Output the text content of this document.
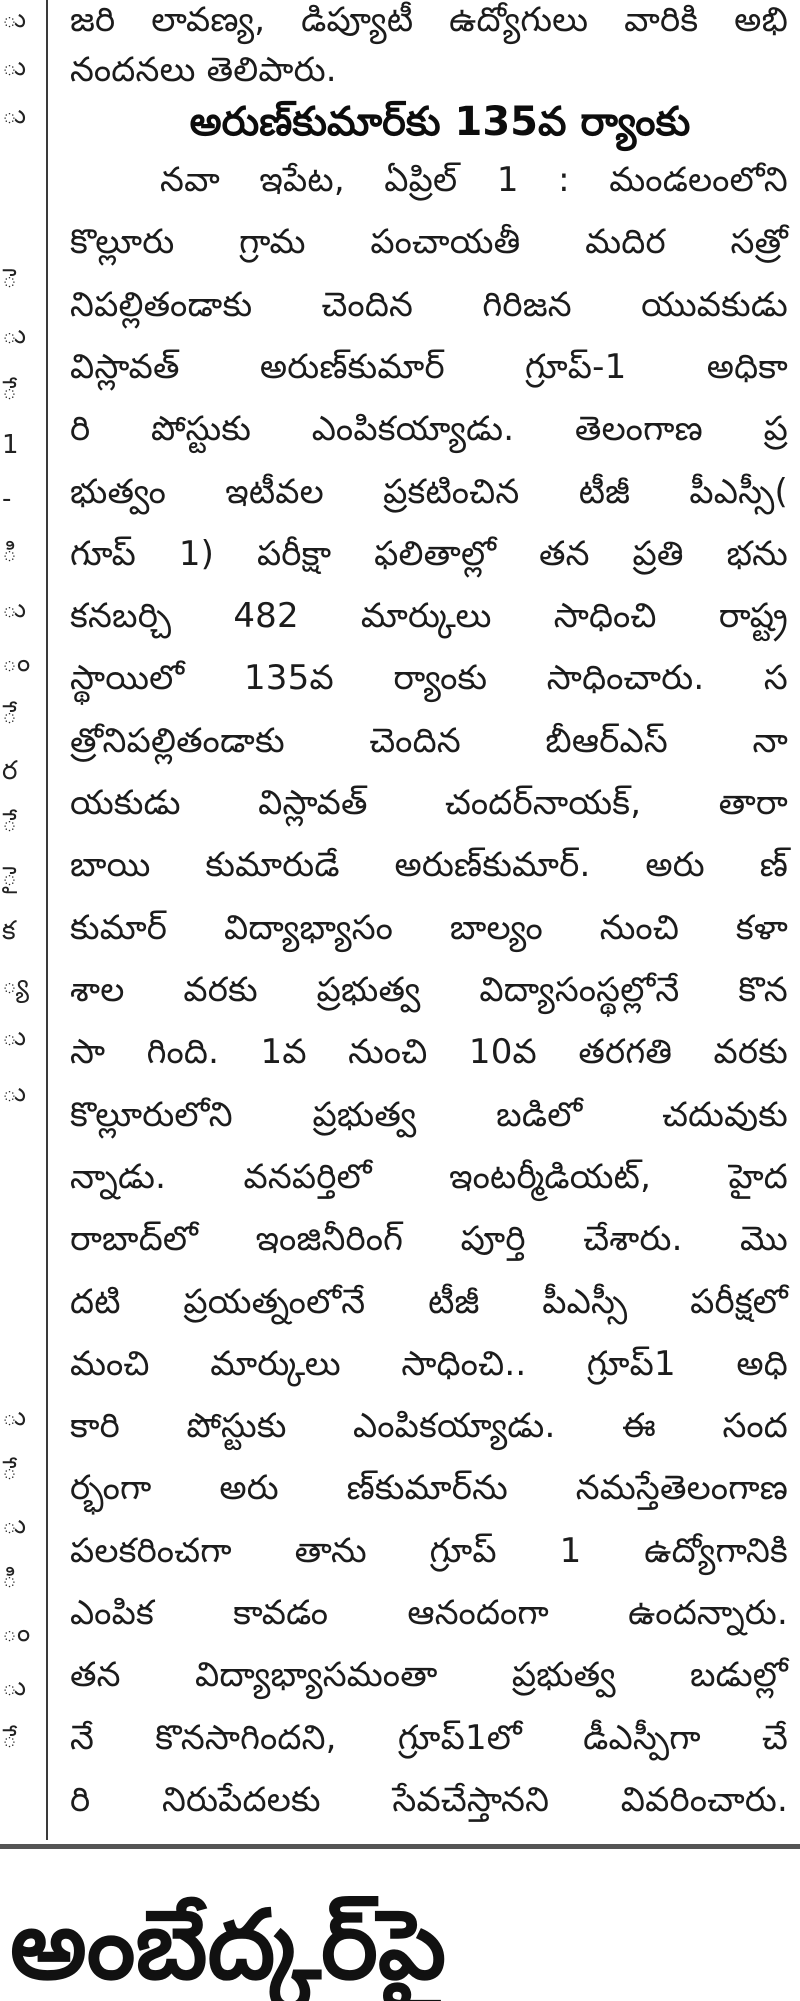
ు
ు
ు
ె
ు
ే
1
-
ి
ు
ం
ే
ర
ే
ై
క
్య
ు
ు
ు
ే
ు
ి
ం
ు
ే
జరి లావణ్య, డిప్యూటీ ఉద్యోగులు వారికి అభి
నందనలు తెలిపారు.
అరుణ్‌కుమార్‌కు 135వ ర్యాంకు
నవా ఇపేట, ఏప్రిల్ 1 : మండలంలోని
కొల్లూరు గ్రామ పంచాయతీ మదిర సత్రో
నిపల్లితండాకు చెందిన గిరిజన యువకుడు
విస్లావత్ అరుణ్‌కుమార్ గ్రూప్-1 అధికా
రి పోస్టుకు ఎంపికయ్యాడు. తెలంగాణ ప్ర
భుత్వం ఇటీవల ప్రకటించిన టీజీ పీఎస్సీ(
గూప్ 1) పరీక్షా ఫలితాల్లో తన ప్రతి భను
కనబర్చి 482 మార్కులు సాధించి రాష్ట్ర
స్థాయిలో 135వ ర్యాంకు సాధించారు. స
త్రోనిపల్లితండాకు చెందిన బీఆర్ఎస్ నా
యకుడు విస్లావత్ చందర్‌నాయక్, తారా
బాయి కుమారుడే అరుణ్‌కుమార్. అరు ణ్
కుమార్ విద్యాభ్యాసం బాల్యం నుంచి కళా
శాల వరకు ప్రభుత్వ విద్యాసంస్థల్లోనే కొన
సా గింది. 1వ నుంచి 10వ తరగతి వరకు
కొల్లూరులోని ప్రభుత్వ బడిలో చదువుకు
న్నాడు. వనపర్తిలో ఇంటర్మీడియట్, హైద
రాబాద్‌లో ఇంజినీరింగ్ పూర్తి చేశారు. మొ
దటి ప్రయత్నంలోనే టీజీ పీఎస్సీ పరీక్షలో
మంచి మార్కులు సాధించి.. గ్రూప్1 అధి
కారి పోస్టుకు ఎంపికయ్యాడు. ఈ సంద
ర్భంగా అరు ణ్‌కుమార్‌ను నమస్తేతెలంగాణ
పలకరించగా తాను గ్రూప్ 1 ఉద్యోగానికి
ఎంపిక కావడం ఆనందంగా ఉందన్నారు.
తన విద్యాభ్యాసమంతా ప్రభుత్వ బడుల్లో
నే కొనసాగిందని, గ్రూప్1లో డీఎస్పీగా చే
రి నిరుపేదలకు సేవచేస్తానని వివరించారు.
అంబేద్కర్‌పై
